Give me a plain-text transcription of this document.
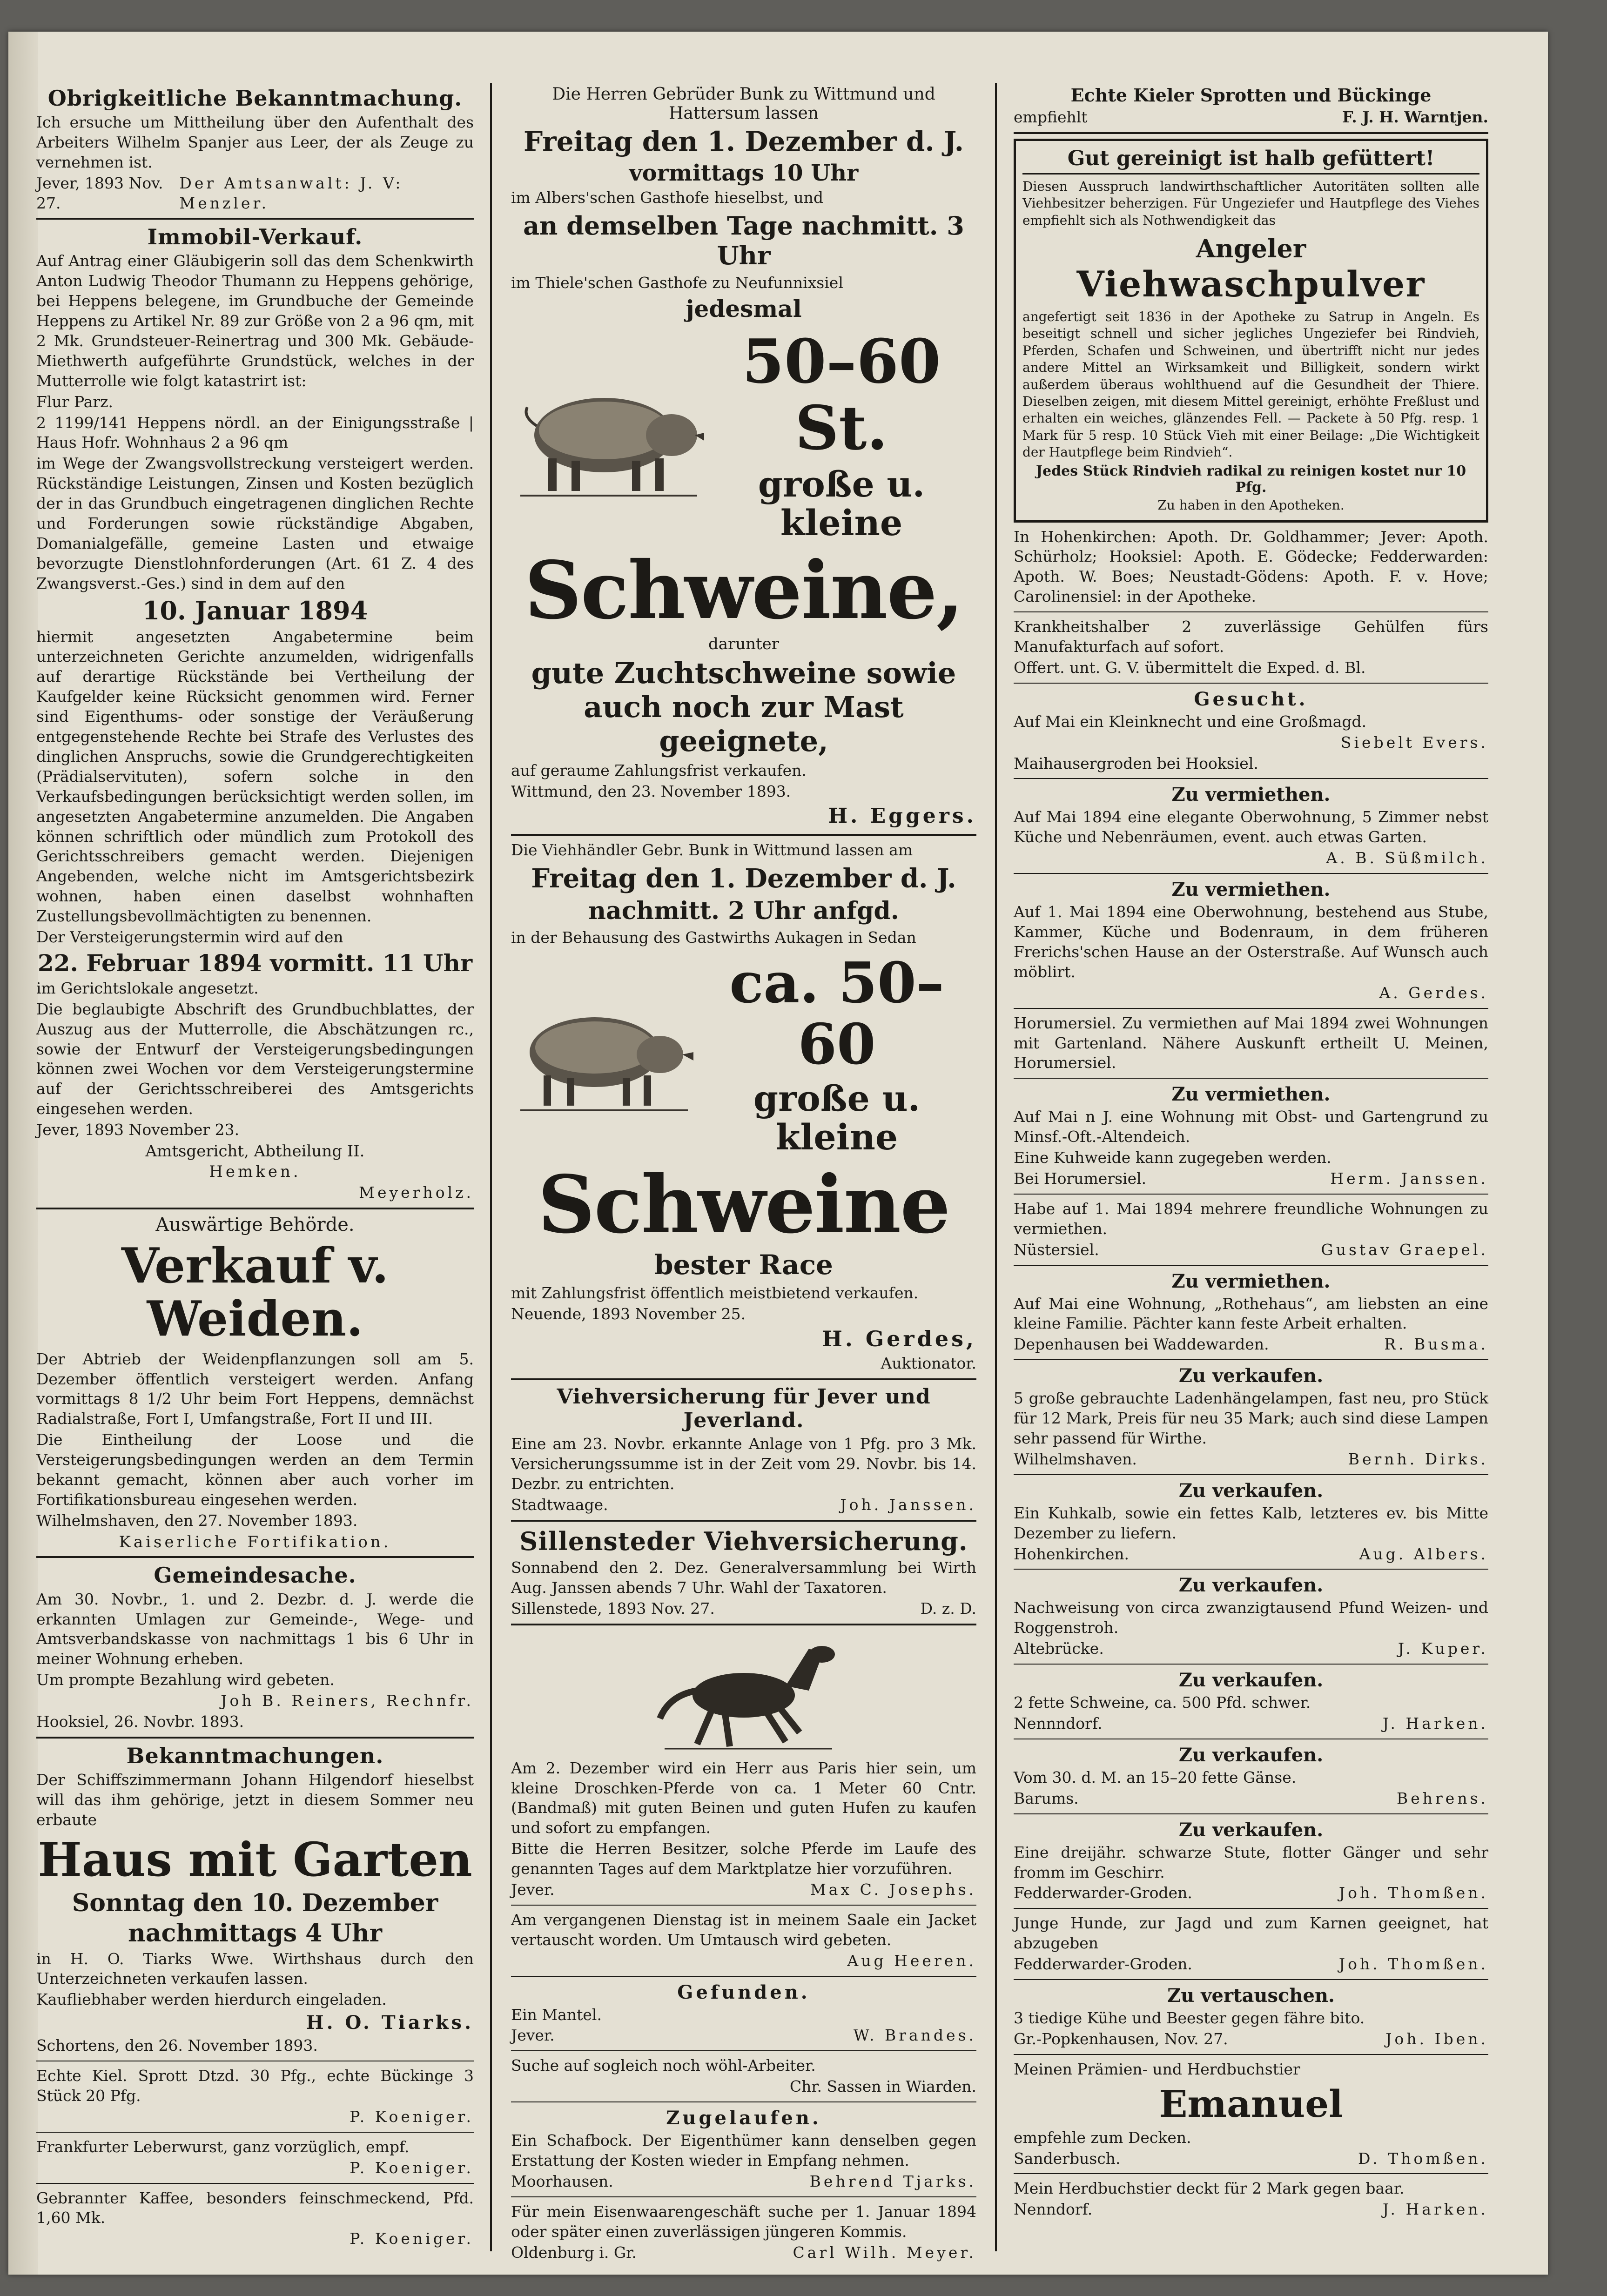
Obrigkeitliche Bekanntmachung.
Ich ersuche um Mittheilung über den Aufenthalt des Arbeiters Wilhelm Spanjer aus Leer, der als Zeuge zu vernehmen ist.
Jever, 1893 Nov. 27.
Der Amtsanwalt: J. V: Menzler.
Immobil-Verkauf.
Auf Antrag einer Gläubigerin soll das dem Schenkwirth Anton Ludwig Theodor Thumann zu Heppens gehörige, bei Heppens belegene, im Grundbuche der Gemeinde Heppens zu Artikel Nr. 89 zur Größe von 2 a 96 qm, mit 2 Mk. Grundsteuer-Reinertrag und 300 Mk. Gebäude-Miethwerth aufgeführte Grundstück, welches in der Mutterrolle wie folgt katastrirt ist:
Flur Parz.
2 1199/141 Heppens nördl. an der Einigungsstraße | Haus Hofr. Wohnhaus 2 a 96 qm
im Wege der Zwangsvollstreckung versteigert werden. Rückständige Leistungen, Zinsen und Kosten bezüglich der in das Grundbuch eingetragenen dinglichen Rechte und Forderungen sowie rückständige Abgaben, Domanialgefälle, gemeine Lasten und etwaige bevorzugte Dienstlohnforderungen (Art. 61 Z. 4 des Zwangsverst.-Ges.) sind in dem auf den
10. Januar 1894
hiermit angesetzten Angabetermine beim unterzeichneten Gerichte anzumelden, widrigenfalls auf derartige Rückstände bei Vertheilung der Kaufgelder keine Rücksicht genommen wird. Ferner sind Eigenthums- oder sonstige der Veräußerung entgegenstehende Rechte bei Strafe des Verlustes des dinglichen Anspruchs, sowie die Grundgerechtigkeiten (Prädialservituten), sofern solche in den Verkaufsbedingungen berücksichtigt werden sollen, im angesetzten Angabetermine anzumelden. Die Angaben können schriftlich oder mündlich zum Protokoll des Gerichtsschreibers gemacht werden. Diejenigen Angebenden, welche nicht im Amtsgerichtsbezirk wohnen, haben einen daselbst wohnhaften Zustellungsbevollmächtigten zu benennen.
Der Versteigerungstermin wird auf den
22. Februar 1894 vormitt. 11 Uhr
im Gerichtslokale angesetzt.
Die beglaubigte Abschrift des Grundbuchblattes, der Auszug aus der Mutterrolle, die Abschätzungen rc., sowie der Entwurf der Versteigerungsbedingungen können zwei Wochen vor dem Versteigerungstermine auf der Gerichtsschreiberei des Amtsgerichts eingesehen werden.
Jever, 1893 November 23.
Amtsgericht, Abtheilung II.
Hemken.
Meyerholz.
Auswärtige Behörde.
Verkauf v. Weiden.
Der Abtrieb der Weidenpflanzungen soll am 5. Dezember öffentlich versteigert werden. Anfang vormittags 8 1/2 Uhr beim Fort Heppens, demnächst Radialstraße, Fort I, Umfangstraße, Fort II und III.
Die Eintheilung der Loose und die Versteigerungsbedingungen werden an dem Termin bekannt gemacht, können aber auch vorher im Fortifikationsbureau eingesehen werden.
Wilhelmshaven, den 27. November 1893.
Kaiserliche Fortifikation.
Gemeindesache.
Am 30. Novbr., 1. und 2. Dezbr. d. J. werde die erkannten Umlagen zur Gemeinde-, Wege- und Amtsverbandskasse von nachmittags 1 bis 6 Uhr in meiner Wohnung erheben.
Um prompte Bezahlung wird gebeten.
Joh B. Reiners, Rechnfr.
Hooksiel, 26. Novbr. 1893.
Bekanntmachungen.
Der Schiffszimmermann Johann Hilgendorf hieselbst will das ihm gehörige, jetzt in diesem Sommer neu erbaute
Haus mit Garten
Sonntag den 10. Dezember
nachmittags 4 Uhr
in H. O. Tiarks Wwe. Wirthshaus durch den Unterzeichneten verkaufen lassen.
Kaufliebhaber werden hierdurch eingeladen.
H. O. Tiarks.
Schortens, den 26. November 1893.
Echte Kiel. Sprott Dtzd. 30 Pfg., echte Bückinge 3 Stück 20 Pfg.
P. Koeniger.
Frankfurter Leberwurst, ganz vorzüglich, empf.
P. Koeniger.
Gebrannter Kaffee, besonders feinschmeckend, Pfd. 1,60 Mk.
P. Koeniger.
Die Herren Gebrüder Bunk zu Wittmund und Hattersum lassen
Freitag den 1. Dezember d. J.
vormittags 10 Uhr
im Albers'schen Gasthofe hieselbst, und
an demselben Tage nachmitt. 3 Uhr
im Thiele'schen Gasthofe zu Neufunnixsiel
jedesmal
50–60 St.
große u. kleine
Schweine,
darunter
gute Zuchtschweine sowie auch noch zur Mast geeignete,
auf geraume Zahlungsfrist verkaufen.
Wittmund, den 23. November 1893.
H. Eggers.
Die Viehhändler Gebr. Bunk in Wittmund lassen am
Freitag den 1. Dezember d. J.
nachmitt. 2 Uhr anfgd.
in der Behausung des Gastwirths Aukagen in Sedan
ca. 50–60
große u. kleine
Schweine
bester Race
mit Zahlungsfrist öffentlich meistbietend verkaufen.
Neuende, 1893 November 25.
H. Gerdes,
Auktionator.
Viehversicherung für Jever und Jeverland.
Eine am 23. Novbr. erkannte Anlage von 1 Pfg. pro 3 Mk. Versicherungssumme ist in der Zeit vom 29. Novbr. bis 14. Dezbr. zu entrichten.
Stadtwaage.	Joh. Janssen.
Sillensteder Viehversicherung.
Sonnabend den 2. Dez. Generalversammlung bei Wirth Aug. Janssen abends 7 Uhr. Wahl der Taxatoren.
Sillenstede, 1893 Nov. 27.	D. z. D.
Am 2. Dezember wird ein Herr aus Paris hier sein, um kleine Droschken-Pferde von ca. 1 Meter 60 Cntr. (Bandmaß) mit guten Beinen und guten Hufen zu kaufen und sofort zu empfangen.
Bitte die Herren Besitzer, solche Pferde im Laufe des genannten Tages auf dem Marktplatze hier vorzuführen.
Jever.	Max C. Josephs.
Am vergangenen Dienstag ist in meinem Saale ein Jacket vertauscht worden. Um Umtausch wird gebeten.
Aug Heeren.
Gefunden.
Ein Mantel.
Jever.	W. Brandes.
Suche auf sogleich noch wöhl-Arbeiter.
Chr. Sassen in Wiarden.
Zugelaufen.
Ein Schafbock. Der Eigenthümer kann denselben gegen Erstattung der Kosten wieder in Empfang nehmen.
Moorhausen.	Behrend Tjarks.
Für mein Eisenwaarengeschäft suche per 1. Januar 1894 oder später einen zuverlässigen jüngeren Kommis.
Oldenburg i. Gr.	Carl Wilh. Meyer.
Echte Kieler Sprotten und Bückinge
empfiehlt	F. J. H. Warntjen.
Gut gereinigt ist halb gefüttert!
Diesen Ausspruch landwirthschaftlicher Autoritäten sollten alle Viehbesitzer beherzigen. Für Ungeziefer und Hautpflege des Viehes empfiehlt sich als Nothwendigkeit das
Angeler
Viehwaschpulver
angefertigt seit 1836 in der Apotheke zu Satrup in Angeln. Es beseitigt schnell und sicher jegliches Ungeziefer bei Rindvieh, Pferden, Schafen und Schweinen, und übertrifft nicht nur jedes andere Mittel an Wirksamkeit und Billigkeit, sondern wirkt außerdem überaus wohlthuend auf die Gesundheit der Thiere. Dieselben zeigen, mit diesem Mittel gereinigt, erhöhte Freßlust und erhalten ein weiches, glänzendes Fell. — Packete à 50 Pfg. resp. 1 Mark für 5 resp. 10 Stück Vieh mit einer Beilage: „Die Wichtigkeit der Hautpflege beim Rindvieh“.
Jedes Stück Rindvieh radikal zu reinigen kostet nur 10 Pfg.
Zu haben in den Apotheken.
In Hohenkirchen: Apoth. Dr. Goldhammer; Jever: Apoth. Schürholz; Hooksiel: Apoth. E. Gödecke; Fedderwarden: Apoth. W. Boes; Neustadt-Gödens: Apoth. F. v. Hove; Carolinensiel: in der Apotheke.
Krankheitshalber 2 zuverlässige Gehülfen fürs Manufakturfach auf sofort.
Offert. unt. G. V. übermittelt die Exped. d. Bl.
Gesucht.
Auf Mai ein Kleinknecht und eine Großmagd.
Siebelt Evers.
Maihausergroden bei Hooksiel.
Zu vermiethen.
Auf Mai 1894 eine elegante Oberwohnung, 5 Zimmer nebst Küche und Nebenräumen, event. auch etwas Garten.
A. B. Süßmilch.
Zu vermiethen.
Auf 1. Mai 1894 eine Oberwohnung, bestehend aus Stube, Kammer, Küche und Bodenraum, in dem früheren Frerichs'schen Hause an der Osterstraße. Auf Wunsch auch möblirt.
A. Gerdes.
Horumersiel. Zu vermiethen auf Mai 1894 zwei Wohnungen mit Gartenland. Nähere Auskunft ertheilt U. Meinen, Horumersiel.
Zu vermiethen.
Auf Mai n J. eine Wohnung mit Obst- und Gartengrund zu Minsf.-Oft.-Altendeich.
Eine Kuhweide kann zugegeben werden.
Bei Horumersiel.	Herm. Janssen.
Habe auf 1. Mai 1894 mehrere freundliche Wohnungen zu vermiethen.
Nüstersiel.	Gustav Graepel.
Zu vermiethen.
Auf Mai eine Wohnung, „Rothehaus“, am liebsten an eine kleine Familie. Pächter kann feste Arbeit erhalten.
Depenhausen bei Waddewarden.	R. Busma.
Zu verkaufen.
5 große gebrauchte Ladenhängelampen, fast neu, pro Stück für 12 Mark, Preis für neu 35 Mark; auch sind diese Lampen sehr passend für Wirthe.
Wilhelmshaven.	Bernh. Dirks.
Zu verkaufen.
Ein Kuhkalb, sowie ein fettes Kalb, letzteres ev. bis Mitte Dezember zu liefern.
Hohenkirchen.	Aug. Albers.
Zu verkaufen.
Nachweisung von circa zwanzigtausend Pfund Weizen- und Roggenstroh.
Altebrücke.	J. Kuper.
Zu verkaufen.
2 fette Schweine, ca. 500 Pfd. schwer.
Nennndorf.	J. Harken.
Zu verkaufen.
Vom 30. d. M. an 15–20 fette Gänse.
Barums.	Behrens.
Zu verkaufen.
Eine dreijähr. schwarze Stute, flotter Gänger und sehr fromm im Geschirr.
Fedderwarder-Groden.	Joh. Thomßen.
Junge Hunde, zur Jagd und zum Karnen geeignet, hat abzugeben
Fedderwarder-Groden.	Joh. Thomßen.
Zu vertauschen.
3 tiedige Kühe und Beester gegen fähre bito.
Gr.-Popkenhausen, Nov. 27.	Joh. Iben.
Meinen Prämien- und Herdbuchstier
Emanuel
empfehle zum Decken.
Sanderbusch.	D. Thomßen.
Mein Herdbuchstier deckt für 2 Mark gegen baar.
Nenndorf.	J. Harken.
